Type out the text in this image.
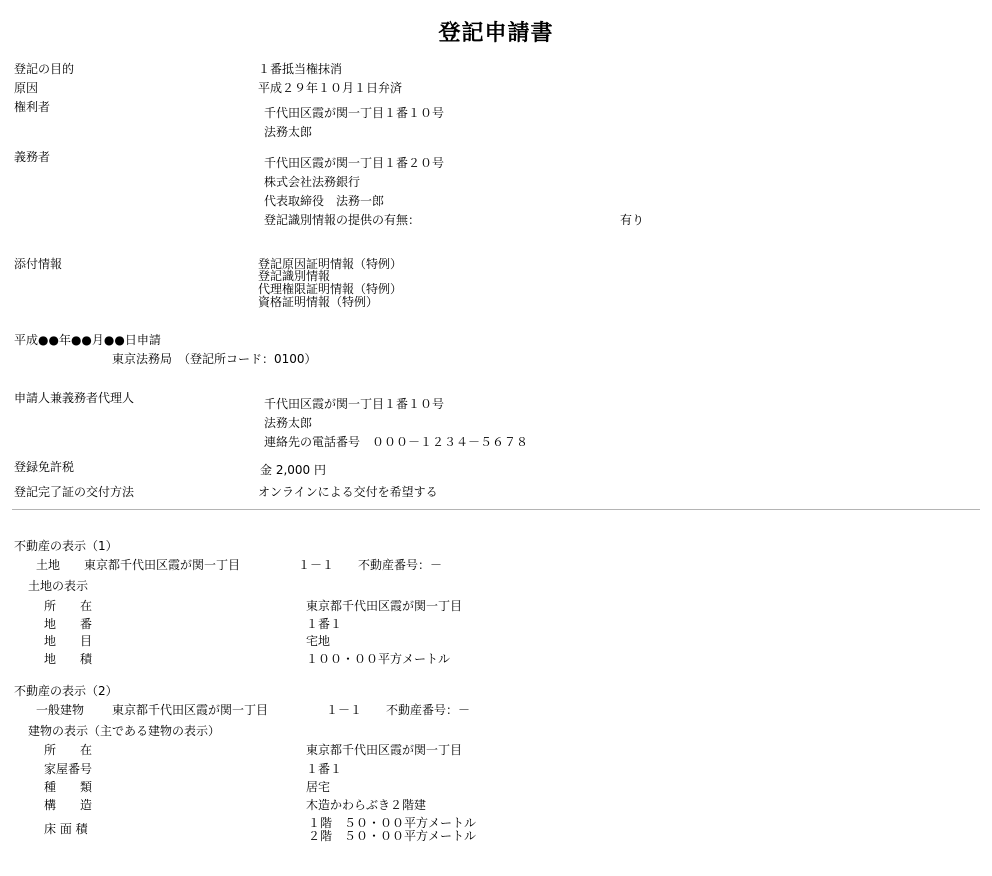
登記申請書
登記の目的	１番抵当権抹消
原因	平成２９年１０月１日弁済
権利者	千代田区霞が関一丁目１番１０号
法務太郎
義務者	千代田区霞が関一丁目１番２０号
株式会社法務銀行
代表取締役　法務一郎
登記識別情報の提供の有無：	有り
添付情報	登記原因証明情報（特例）
登記識別情報
代理権限証明情報（特例）
資格証明情報（特例）
平成●●年●●月●●日申請
東京法務局　（登記所コード：0100）
申請人兼義務者代理人	千代田区霞が関一丁目１番１０号
法務太郎
連絡先の電話番号　０００－１２３４－５６７８
登録免許税	金 2,000 円
登記完了証の交付方法	オンラインによる交付を希望する
不動産の表示（1）
土地 東京都千代田区霞が関一丁目	１－１ 不動産番号：－
土地の表示
所　　在	東京都千代田区霞が関一丁目
地　　番	１番１
地　　目	宅地
地　　積	１００・００平方メートル
不動産の表示（2）
一般建物 東京都千代田区霞が関一丁目	１－１ 不動産番号：－
建物の表示（主である建物の表示）
所　　在	東京都千代田区霞が関一丁目
家屋番号	１番１
種　　類	居宅
構　　造	木造かわらぶき２階建
床 面 積	１階　５０・００平方メートル
２階　５０・００平方メートル
